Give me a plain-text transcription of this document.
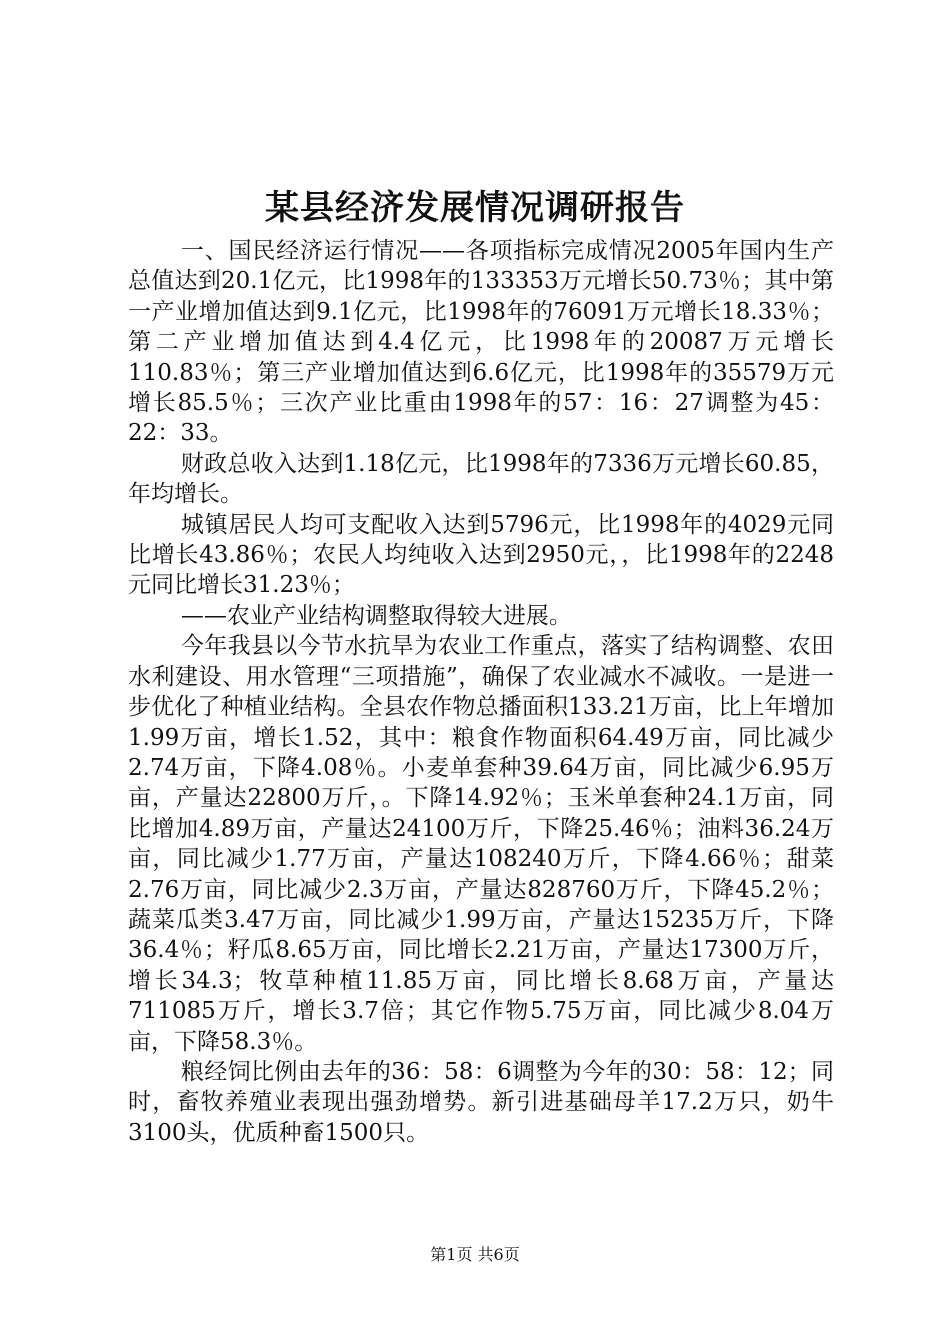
某县经济发展情况调研报告

一、国民经济运行情况——各项指标完成情况2005年国内生产总值达到20.1亿元，比1998年的133353万元增长50.73％；其中第一产业增加值达到9.1亿元，比1998年的76091万元增长18.33％；第二产业增加值达到4.4亿元，比1998年的20087万元增长110.83％；第三产业增加值达到6.6亿元，比1998年的35579万元增长85.5％；三次产业比重由1998年的57：16：27调整为45：22：33。

财政总收入达到1.18亿元，比1998年的7336万元增长60.85，年均增长。

城镇居民人均可支配收入达到5796元，比1998年的4029元同比增长43.86％；农民人均纯收入达到2950元，，比1998年的2248元同比增长31.23％；

——农业产业结构调整取得较大进展。

今年我县以今节水抗旱为农业工作重点，落实了结构调整、农田水利建设、用水管理“三项措施”，确保了农业减水不减收。一是进一步优化了种植业结构。全县农作物总播面积133.21万亩，比上年增加1.99万亩，增长1.52，其中：粮食作物面积64.49万亩，同比减少2.74万亩，下降4.08％。小麦单套种39.64万亩，同比减少6.95万亩，产量达22800万斤，。下降14.92％；玉米单套种24.1万亩，同比增加4.89万亩，产量达24100万斤，下降25.46％；油料36.24万亩，同比减少1.77万亩，产量达108240万斤，下降4.66％；甜菜2.76万亩，同比减少2.3万亩，产量达828760万斤，下降45.2％；蔬菜瓜类3.47万亩，同比减少1.99万亩，产量达15235万斤，下降36.4％；籽瓜8.65万亩，同比增长2.21万亩，产量达17300万斤，增长34.3；牧草种植11.85万亩，同比增长8.68万亩，产量达711085万斤，增长3.7倍；其它作物5.75万亩，同比减少8.04万亩，下降58.3％。

粮经饲比例由去年的36：58：6调整为今年的30：58：12；同时，畜牧养殖业表现出强劲增势。新引进基础母羊17.2万只，奶牛3100头，优质种畜1500只。

第1页 共6页
